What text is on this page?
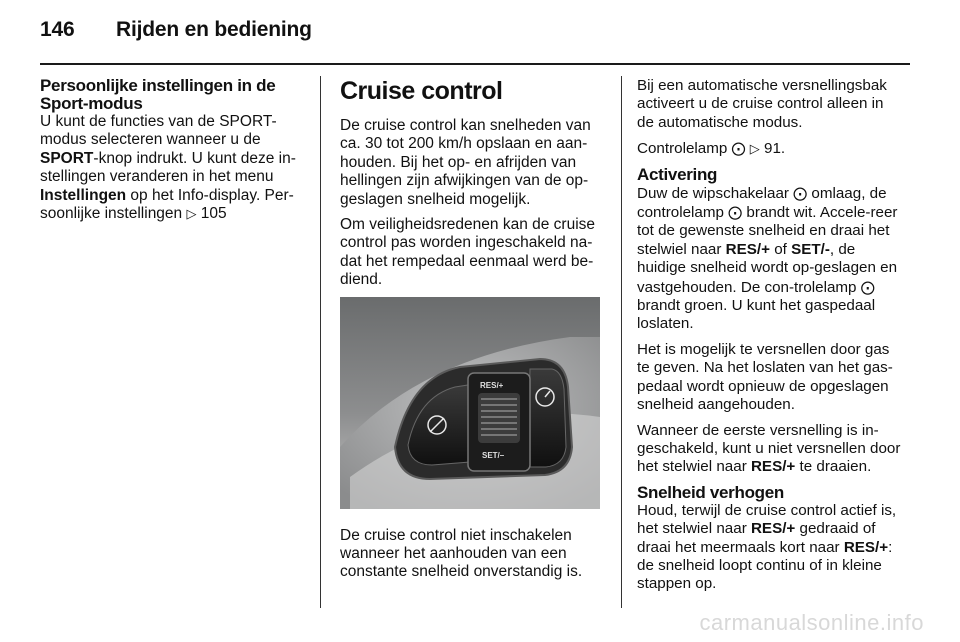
146 Rijden en bediening
Persoonlijke instellingen in de
Sport-modus

U kunt de functies van de SPORT-modus selecteren wanneer u de SPORT-knop indrukt. U kunt deze in-stellingen veranderen in het menu Instellingen op het Info-display. Per-soonlijke instellingen ▷ 105

Cruise control

De cruise control kan snelheden van ca. 30 tot 200 km/h opslaan en aan-houden. Bij het op- en afrijden van hellingen zijn afwijkingen van de op-geslagen snelheid mogelijk.

Om veiligheidsredenen kan de cruise control pas worden ingeschakeld na-dat het rempedaal eenmaal werd be-diend.

RES/+
SET/–

De cruise control niet inschakelen wanneer het aanhouden van een constante snelheid onverstandig is.

Bij een automatische versnellingsbak activeert u de cruise control alleen in de automatische modus.

Controlelamp ⨀ ▷ 91.

Activering

Duw de wipschakelaar ⨀ omlaag, de controlelamp ⨀ brandt wit. Accele-reer tot de gewenste snelheid en draai het stelwiel naar RES/+ of SET/-, de huidige snelheid wordt op-geslagen en vastgehouden. De con-trolelamp ⨀ brandt groen. U kunt het gaspedaal loslaten.

Het is mogelijk te versnellen door gas te geven. Na het loslaten van het gas-pedaal wordt opnieuw de opgeslagen snelheid aangehouden.

Wanneer de eerste versnelling is in-geschakeld, kunt u niet versnellen door het stelwiel naar RES/+ te draaien.

Snelheid verhogen

Houd, terwijl de cruise control actief is, het stelwiel naar RES/+ gedraaid of draai het meermaals kort naar RES/+: de snelheid loopt continu of in kleine stappen op.

carmanualsonline.info
